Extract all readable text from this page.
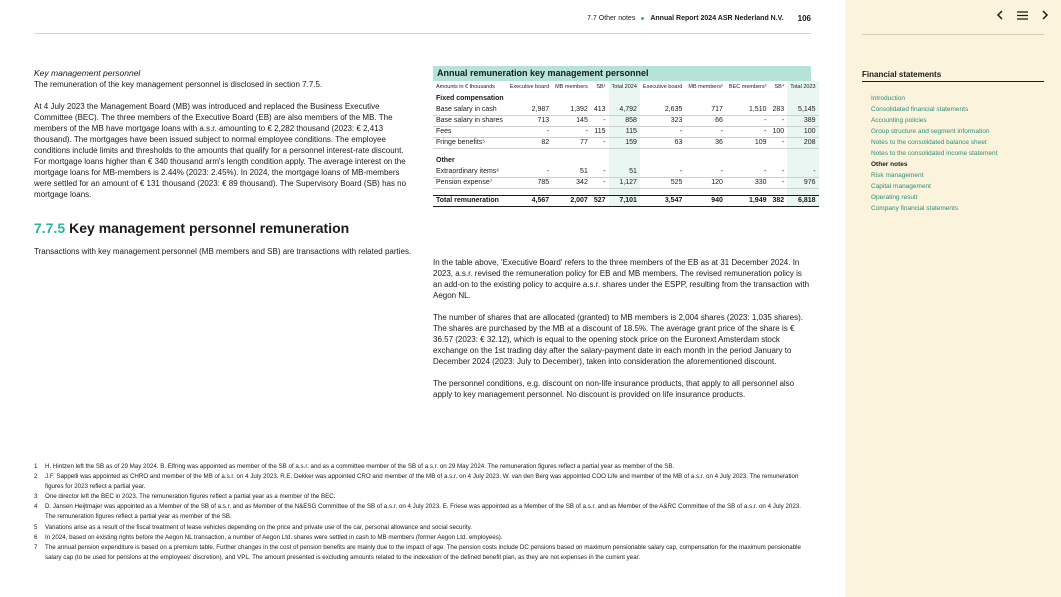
7.7 Other notes Annual Report 2024 ASR Nederland N.V. 106

Key management personnel

The remuneration of the key management personnel is disclosed in section 7.7.5.

At 4 July 2023 the Management Board (MB) was introduced and replaced the Business Executive Committee (BEC). The three members of the Executive Board (EB) are also members of the MB. The members of the MB have mortgage loans with a.s.r. amounting to € 2,282 thousand (2023: € 2,413 thousand). The mortgages have been issued subject to normal employee conditions. The employee conditions include limits and thresholds to the amounts that qualify for a personnel interest-rate discount. For mortgage loans higher than € 340 thousand arm's length condition apply. The average interest on the mortgage loans for MB-members is 2.44% (2023: 2.45%). In 2024, the mortgage loans of MB-members were settled for an amount of € 131 thousand (2023: € 89 thousand). The Supervisory Board (SB) has no mortgage loans.

7.7.5 Key management personnel remuneration
Transactions with key management personnel (MB members and SB) are transactions with related parties.
Annual remuneration key management personnel
Amounts in € thousands	Executive board	MB members	SB¹	Total 2024	Executive board	MB members²	BEC members³	SB⁴	Total 2023
Fixed compensation									
Base salary in cash	2,987	1,392	413	4,792	2,635	717	1,510	283	5,145
Base salary in shares	713	145	-	858	323	66	-	-	389
Fees	-	-	115	115	-	-	-	100	100
Fringe benefits⁵	82	77	-	159	63	36	109	-	208

Other									
Extraordinary items⁶	-	51	-	51	-	-	-	-	-
Pension expense⁷	785	342	-	1,127	525	120	330	-	976

Total remuneration	4,567	2,007	527	7,101	3,547	940	1,949	382	6,818
In the table above, 'Executive Board' refers to the three members of the EB as at 31 December 2024. In 2023, a.s.r. revised the remuneration policy for EB and MB members. The revised remuneration policy is an add-on to the existing policy to acquire a.s.r. shares under the ESPP, resulting from the transaction with Aegon NL.
The number of shares that are allocated (granted) to MB members is 2,004 shares (2023: 1,035 shares). The shares are purchased by the MB at a discount of 18.5%. The average grant price of the share is € 36.57 (2023: € 32.12), which is equal to the opening stock price on the Euronext Amsterdam stock exchange on the 1st trading day after the salary-payment date in each month in the period January to December 2024 (2023: July to December), taken into consideration the aforementioned discount.
The personnel conditions, e.g. discount on non-life insurance products, that apply to all personnel also apply to key management personnel. No discount is provided on life insurance products.
1	H. Hintzen left the SB as of 29 May 2024. B. Elfring was appointed as member of the SB of a.s.r. and as a committee member of the SB of a.s.r. on 29 May 2024. The remuneration figures reflect a partial year as member of the SB.
2	J.F. Sappelli was appointed as CHRO and member of the MB of a.s.r. on 4 July 2023. R.E. Dekker was appointed CRO and member of the MB of a.s.r. on 4 July 2023. W. van den Berg was appointed COO Life and member of the MB of a.s.r. on 4 July 2023. The remuneration figures for 2023 reflect a partial year.
3	One director left the BEC in 2023. The remuneration figures reflect a partial year as a member of the BEC.
4	D. Jansen Heijtmajer was appointed as a Member of the SB of a.s.r. and as Member of the N&ESG Committee of the SB of a.s.r. on 4 July 2023. E. Friese was appointed as a Member of the SB of a.s.r. and as Member of the A&RC Committee of the SB of a.s.r. on 4 July 2023. The remuneration figures reflect a partial year as member of the SB.
5	Variations arise as a result of the fiscal treatment of lease vehicles depending on the price and private use of the car, personal allowance and social security.
6	In 2024, based on existing rights before the Aegon NL transaction, a number of Aegon Ltd. shares were settled in cash to MB members (former Aegon Ltd. employees).
7	The annual pension expenditure is based on a premium table. Further changes in the cost of pension benefits are mainly due to the impact of age. The pension costs include DC pensions based on maximum pensionable salary cap, compensation for the maximum pensionable salary cap (to be used for pensions at the employees' discretion), and VPL. The amount presented is excluding amounts related to the indexation of the defined benefit plan, as they are not expenses in the current year.
Financial statements
Introduction
Consolidated financial statements
Accounting policies
Group structure and segment information
Notes to the consolidated balance sheet
Notes to the consolidated income statement
Other notes
Risk management
Capital management
Operating result
Company financial statements
